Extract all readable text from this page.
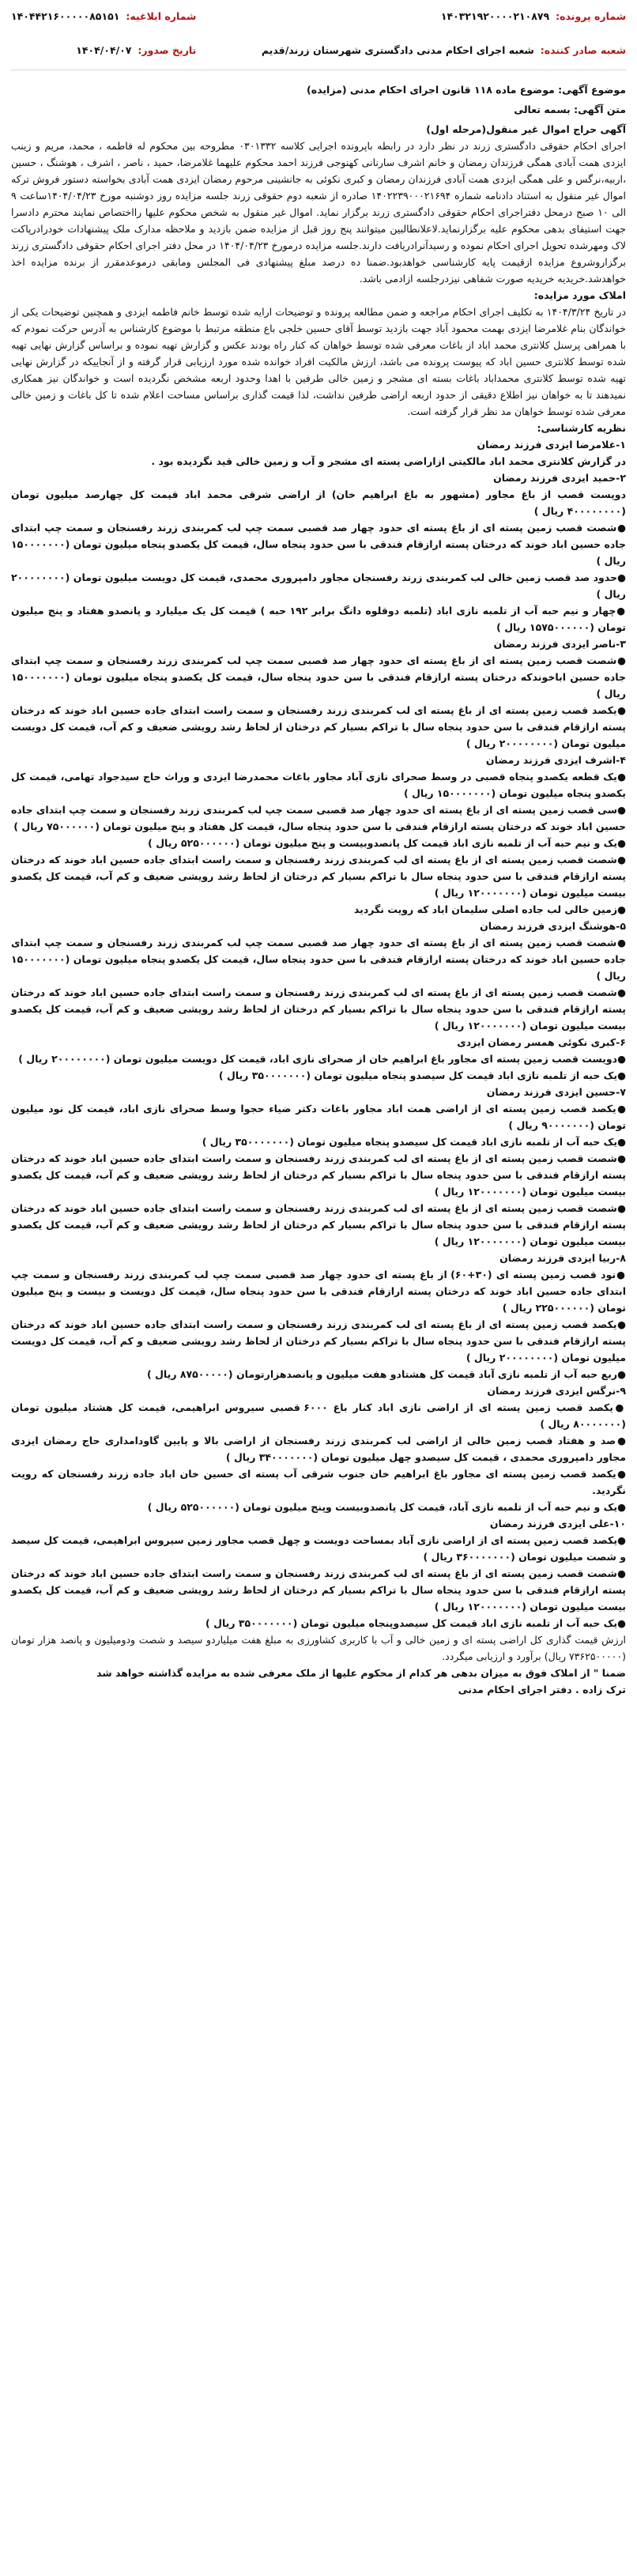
شماره پرونده:
۱۴۰۳۲۱۹۲۰۰۰۰۲۱۰۸۷۹
شعبه صادر کننده:
شعبه اجرای احکام مدنی دادگستری شهرستان زرند/قدیم
شماره ابلاغیه:
۱۴۰۴۴۲۱۶۰۰۰۰۰۸۵۱۵۱
تاریخ صدور:
۱۴۰۴/۰۴/۰۷
موضوع آگهی: موضوع ماده ۱۱۸ قانون اجرای احکام مدنی (مزایده)
متن آگهی: بسمه تعالی

آگهی حراج اموال غیر منقول(مرحله اول)

اجرای احکام حقوقی دادگستری زرند در نظر دارد در رابطه باپرونده اجرایی کلاسه ۰۳۰۱۳۳۲ مطروحه بین محکوم له فاطمه ، محمد، مریم و زینب ایزدی همت آبادی همگی فرزندان رمضان و خانم اشرف سارنانی کهنوجی فرزند احمد محکوم علیهما غلامرضا، حمید ، ناصر ، اشرف ، هوشنگ ، حسین ،اربیه،نرگس و علی همگی ایزدی همت آبادی فرزندان رمضان و کبری نکوئی به جانشینی مرحوم رمضان ایزدی همت آبادی بخواسته دستور فروش ترکه اموال غیر منقول به استناد دادنامه شماره ۱۴۰۲۲۳۹۰۰۰۲۱۶۹۴ صادره از شعبه دوم حقوقی زرند جلسه مزایده روز دوشنبه مورخ ۱۴۰۴/۰۴/۲۳ساعت ۹ الی ۱۰ صبح درمحل دفتراجرای احکام حقوقی دادگستری زرند برگزار نماید. اموال غیر منقول به شخص محکوم علیها رااختصاص نمایند محترم دادسرا جهت استیفای بدهی محکوم علیه برگزارنماید.لاعلانطالبین میتوانند پنج روز قبل از مزایده ضمن بازدید و ملاحظه مدارک ملک پیشنهادات خودرادرپاکت لاک ومهرشده تحویل اجرای احکام نموده و رسیدآنرادریافت دارند.جلسه مزایده درمورخ ۱۴۰۴/۰۴/۲۳ در محل دفتر اجرای احکام حقوقی دادگستری زرند برگزاروشروع مزایده ازقیمت پایه کارشناسی خواهدبود.ضمنا ده درصد مبلغ پیشنهادی فی المجلس ومابقی درموعدمقرر از برنده مزایده اخذ خواهدشد.خریدیه خریدیه صورت شفاهی نیزدرجلسه ازادمی باشد.

املاک مورد مزایده:

در تاریخ ۱۴۰۴/۳/۲۴ به تکلیف اجرای احکام مراجعه و ضمن مطالعه پرونده و توضیحات ارایه شده توسط خانم فاطمه ایزدی و همچنین توضیحات یکی از خواندگان بنام غلامرضا ایزدی بهمت محمود آباد جهت بازدید توسط آقای حسین خلجی باع منطقه مرتبط با موضوع کارشناس به آدرس حرکت نمودم که با همراهی پرسنل کلانتری محمد اباد از باغات معرفی شده توسط خواهان که کنار راه بودند عکس و گزارش تهیه نموده و براساس گزارش نهایی تهیه شده توسط کلانتری حسین اباد که پیوست پرونده می باشد، ارزش مالکیت افراد خوانده شده مورد ارزیابی قرار گرفته و از آنجاییکه در گزارش نهایی تهیه شده توسط کلانتری محمداباد باغات بسته ای مشجر و زمین خالی طرفین با اهدا وحدود اربعه مشخص نگردیده است و خواندگان نیز همکاری نمیدهند تا به خواهان نیز اطلاع دقیقی از حدود اربعه اراضی طرفین نداشت، لذا قیمت گذاری براساس مساحت اعلام شده تا کل باغات و زمین خالی معرفی شده توسط خواهان مد نظر قرار گرفته است.

نظریه کارشناسی:

۱-غلامرضا ایزدی فرزند رمضان

در گزارش کلانتری محمد اباد مالکیتی ازاراضی پسته ای مشجر و آب و زمین خالی قید نگردیده بود .

۲-حمید ایزدی فرزند رمضان

دوپست قصب از باغ مجاور (مشهور به باغ ابراهیم خان) از اراضی شرقی محمد اباد قیمت کل چهارصد میلیون تومان (۴۰۰۰۰۰۰۰۰ ریال )

●شصت قصب زمین پسته ای از باغ پسته ای حدود چهار صد قصبی سمت چپ لب کمربندی زرند رفسنجان و سمت چپ ابتدای جاده حسین اباد خوند که درختان پسته ارازقام فندقی با سن حدود پنجاه سال، قیمت کل یکصدو پنجاه میلیون تومان (۱۵۰۰۰۰۰۰۰ ریال )

●حدود صد قصب زمین خالی لب کمربندی زرند رفسنجان مجاور دامپروری محمدی، قیمت کل دویست میلیون تومان (۲۰۰۰۰۰۰۰۰ ریال )

●چهار و نیم حبه آب از تلمبه نازی اباد (تلمبه دوقلوه دانگ برابر ۱۹۲ حبه ) قیمت کل یک میلیارد و پانصدو هفتاد و پنج میلیون تومان (۱۵۷۵۰۰۰۰۰۰ ریال )

۳-ناصر ایزدی فرزند رمضان

●شصت قصب زمین پسته ای از باغ پسته ای حدود چهار صد قصبی سمت چپ لب کمربندی زرند رفسنجان و سمت چپ ابتدای جاده حسین اباخوندکه درختان پسته ارازقام فندقی با سن حدود پنجاه سال، قیمت کل یکصدو پنجاه میلیون تومان (۱۵۰۰۰۰۰۰۰ ریال )

●یکصد قصب زمین پسته ای از باغ پسته ای لب کمربندی زرند رفسنجان و سمت راست ابتدای جاده حسین اباد خوند که درختان پسته ارازقام فندقی با سن حدود پنجاه سال با تراکم بسیار کم درختان از لحاظ رشد رویشی ضعیف و کم آب، قیمت کل دویست میلیون تومان (۲۰۰۰۰۰۰۰۰ ریال )

۴-اشرف ایزدی فرزند رمضان

●یک قطعه یکصدو پنجاه قصبی در وسط صحرای نازی آباد مجاور باغات محمدرضا ایزدی و وراث حاج سیدجواد تهامی، قیمت کل یکصدو پنجاه میلیون تومان (۱۵۰۰۰۰۰۰۰ ریال )

●سی قصب زمین پسته ای از باغ پسته ای حدود چهار صد قصبی سمت چپ لب کمربندی زرند رفسنجان و سمت چپ ابتدای جاده حسین اباد خوند که درختان پسته ارازقام فندقی با سن حدود پنجاه سال، قیمت کل هفتاد و پنج میلیون تومان (۷۵۰۰۰۰۰۰ ریال )

●یک و نیم حبه آب از تلمبه نازی اباد قیمت کل پانصدوبیست و پنج میلیون تومان (۵۲۵۰۰۰۰۰۰ ریال )

●شصت قصب زمین پسته ای از باغ پسته ای لب کمربندی زرند رفسنجان و سمت راست ابتدای جاده حسین اباد خوند که درختان پسته ارازقام فندقی با سن حدود پنجاه سال با تراکم بسیار کم درختان از لحاظ رشد رویشی ضعیف و کم آب، قیمت کل یکصدو بیست میلیون تومان (۱۲۰۰۰۰۰۰۰ ریال )

●زمین خالی لب جاده اصلی سلیمان اباد که رویت نگردید

۵-هوشنگ ایزدی فرزند رمضان

●شصت قصب زمین پسته ای از باغ پسته ای حدود چهار صد قصبی سمت چپ لب کمربندی زرند رفسنجان و سمت چپ ابتدای جاده حسین اباد خوند که درختان پسته ارازقام فندقی با سن حدود پنجاه سال، قیمت کل یکصدو پنجاه میلیون تومان (۱۵۰۰۰۰۰۰۰ ریال )

●شصت قصب زمین پسته ای از باغ پسته ای لب کمربندی زرند رفسنجان و سمت راست ابتدای جاده حسین اباد خوند که درختان پسته ارازقام فندقی با سن حدود پنجاه سال با تراکم بسیار کم درختان از لحاظ رشد رویشی ضعیف و کم آب، قیمت کل یکصدو بیست میلیون تومان (۱۲۰۰۰۰۰۰۰ ریال )

۶-کبری نکوئی همسر رمضان ایزدی

●دویست قصب زمین پسته ای مجاور باغ ابراهیم خان از صحرای نازی اباد، قیمت کل دویست میلیون تومان (۲۰۰۰۰۰۰۰۰ ریال )

●یک حبه از تلمبه نازی اباد قیمت کل سیصدو پنجاه میلیون تومان (۳۵۰۰۰۰۰۰۰ ریال )

۷-حسین ایزدی فرزند رمضان

●یکصد قصب زمین پسته ای از اراضی همت اباد مجاور باغات دکتر ضیاء حجوا وسط صحرای نازی اباد، قیمت کل نود میلیون تومان (۹۰۰۰۰۰۰۰ ریال )

●یک حبه آب از تلمبه نازی اباد قیمت کل سیصدو پنجاه میلیون تومان (۳۵۰۰۰۰۰۰۰ ریال )

●شصت قصب زمین پسته ای از باغ پسته ای لب کمربندی زرند رفسنجان و سمت راست ابتدای جاده حسین اباد خوند که درختان پسته ارازقام فندقی با سن حدود پنجاه سال با تراکم بسیار کم درختان از لحاظ رشد رویشی ضعیف و کم آب، قیمت کل یکصدو بیست میلیون تومان (۱۲۰۰۰۰۰۰۰ ریال )

●شصت قصب زمین پسته ای از باغ پسته ای لب کمربندی زرند رفسنجان و سمت راست ابتدای جاده حسین اباد خوند که درختان پسته ارازقام فندقی با سن حدود پنجاه سال با تراکم بسیار کم درختان از لحاظ رشد رویشی ضعیف و کم آب، قیمت کل یکصدو بیست میلیون تومان (۱۲۰۰۰۰۰۰۰ ریال )

۸-ربیا ایزدی فرزند رمضان

●نود قصب زمین پسته ای (۳۰+۶۰) از باغ پسته ای حدود چهار صد قصبی سمت چپ لب کمربندی زرند رفسنجان و سمت چپ ابتدای جاده حسین اباد خوند که درختان پسته ارازقام فندقی با سن حدود پنجاه سال، قیمت کل دویست و بیست و پنج میلیون تومان (۲۲۵۰۰۰۰۰۰ ریال )

●یکصد قصب زمین پسته ای از باغ پسته ای لب کمربندی زرند رفسنجان و سمت راست ابتدای جاده حسین اباد خوند که درختان پسته ارازقام فندقی با سن حدود پنجاه سال با تراکم بسیار کم درختان از لحاظ رشد رویشی ضعیف و کم آب، قیمت کل دویست میلیون تومان (۲۰۰۰۰۰۰۰۰ ریال )

●ربع حبه آب از تلمبه نازی آباد قیمت کل هشتادو هفت میلیون و پانصدهزارتومان (۸۷۵۰۰۰۰۰ ریال )

۹-نرگس ایزدی فرزند رمضان

●یکصد قصب زمین پسته ای از اراضی نازی اباد کنار باغ ۶۰۰۰ قصبی سیروس ابراهیمی، قیمت کل هشتاد میلیون تومان (۸۰۰۰۰۰۰۰ ریال )

●صد و هفتاد قصب زمین خالی از اراضی لب کمربندی زرند رفسنجان از اراضی بالا و پایین گاودامداری حاج رمضان ایزدی مجاور دامپروری محمدی ، قیمت کل سیصدو چهل میلیون تومان (۳۴۰۰۰۰۰۰۰ ریال )

●یکصد قصب زمین پسته ای مجاور باغ ابراهیم خان جنوب شرقی آب پسته ای حسین خان اباد جاده زرند رفسنجان که رویت نگردید.

●یک و نیم حبه آب از تلمبه نازی آباد، قیمت کل پانصدوبیست وپنج میلیون تومان (۵۲۵۰۰۰۰۰۰ ریال )

۱۰-علی ایزدی فرزند رمضان

●یکصد قصب زمین پسته ای از اراضی نازی آباد بمساحت دویست و چهل قصب مجاور زمین سیروس ابراهیمی، قیمت کل سیصد و شصت میلیون تومان (۳۶۰۰۰۰۰۰۰ ریال )

●شصت قصب زمین پسته ای از باغ پسته ای لب کمربندی زرند رفسنجان و سمت راست ابتدای جاده حسین اباد خوند که درختان پسته ارازقام فندقی با سن حدود پنجاه سال با تراکم بسیار کم درختان از لحاظ رشد رویشی ضعیف و کم آب، قیمت کل یکصدو بیست میلیون تومان (۱۲۰۰۰۰۰۰۰ ریال )

●یک حبه آب از تلمبه نازی اباد قیمت کل سیصدوپنجاه میلیون تومان (۳۵۰۰۰۰۰۰۰ ریال )

ارزش قیمت گذاری کل اراضی پسته ای و زمین خالی و آب با کاربری کشاورزی به مبلغ هفت میلیاردو سیصد و شصت ودومیلیون و پانصد هزار تومان (۷۳۶۲۵۰۰۰۰۰ ریال) برآورد و ارزیابی میگردد.

ضمنا " از املاک فوق به میزان بدهی هر کدام از محکوم علیها از ملک معرفی شده به مزایده گذاشته خواهد شد

ترک زاده . دفتر اجرای احکام مدنی
